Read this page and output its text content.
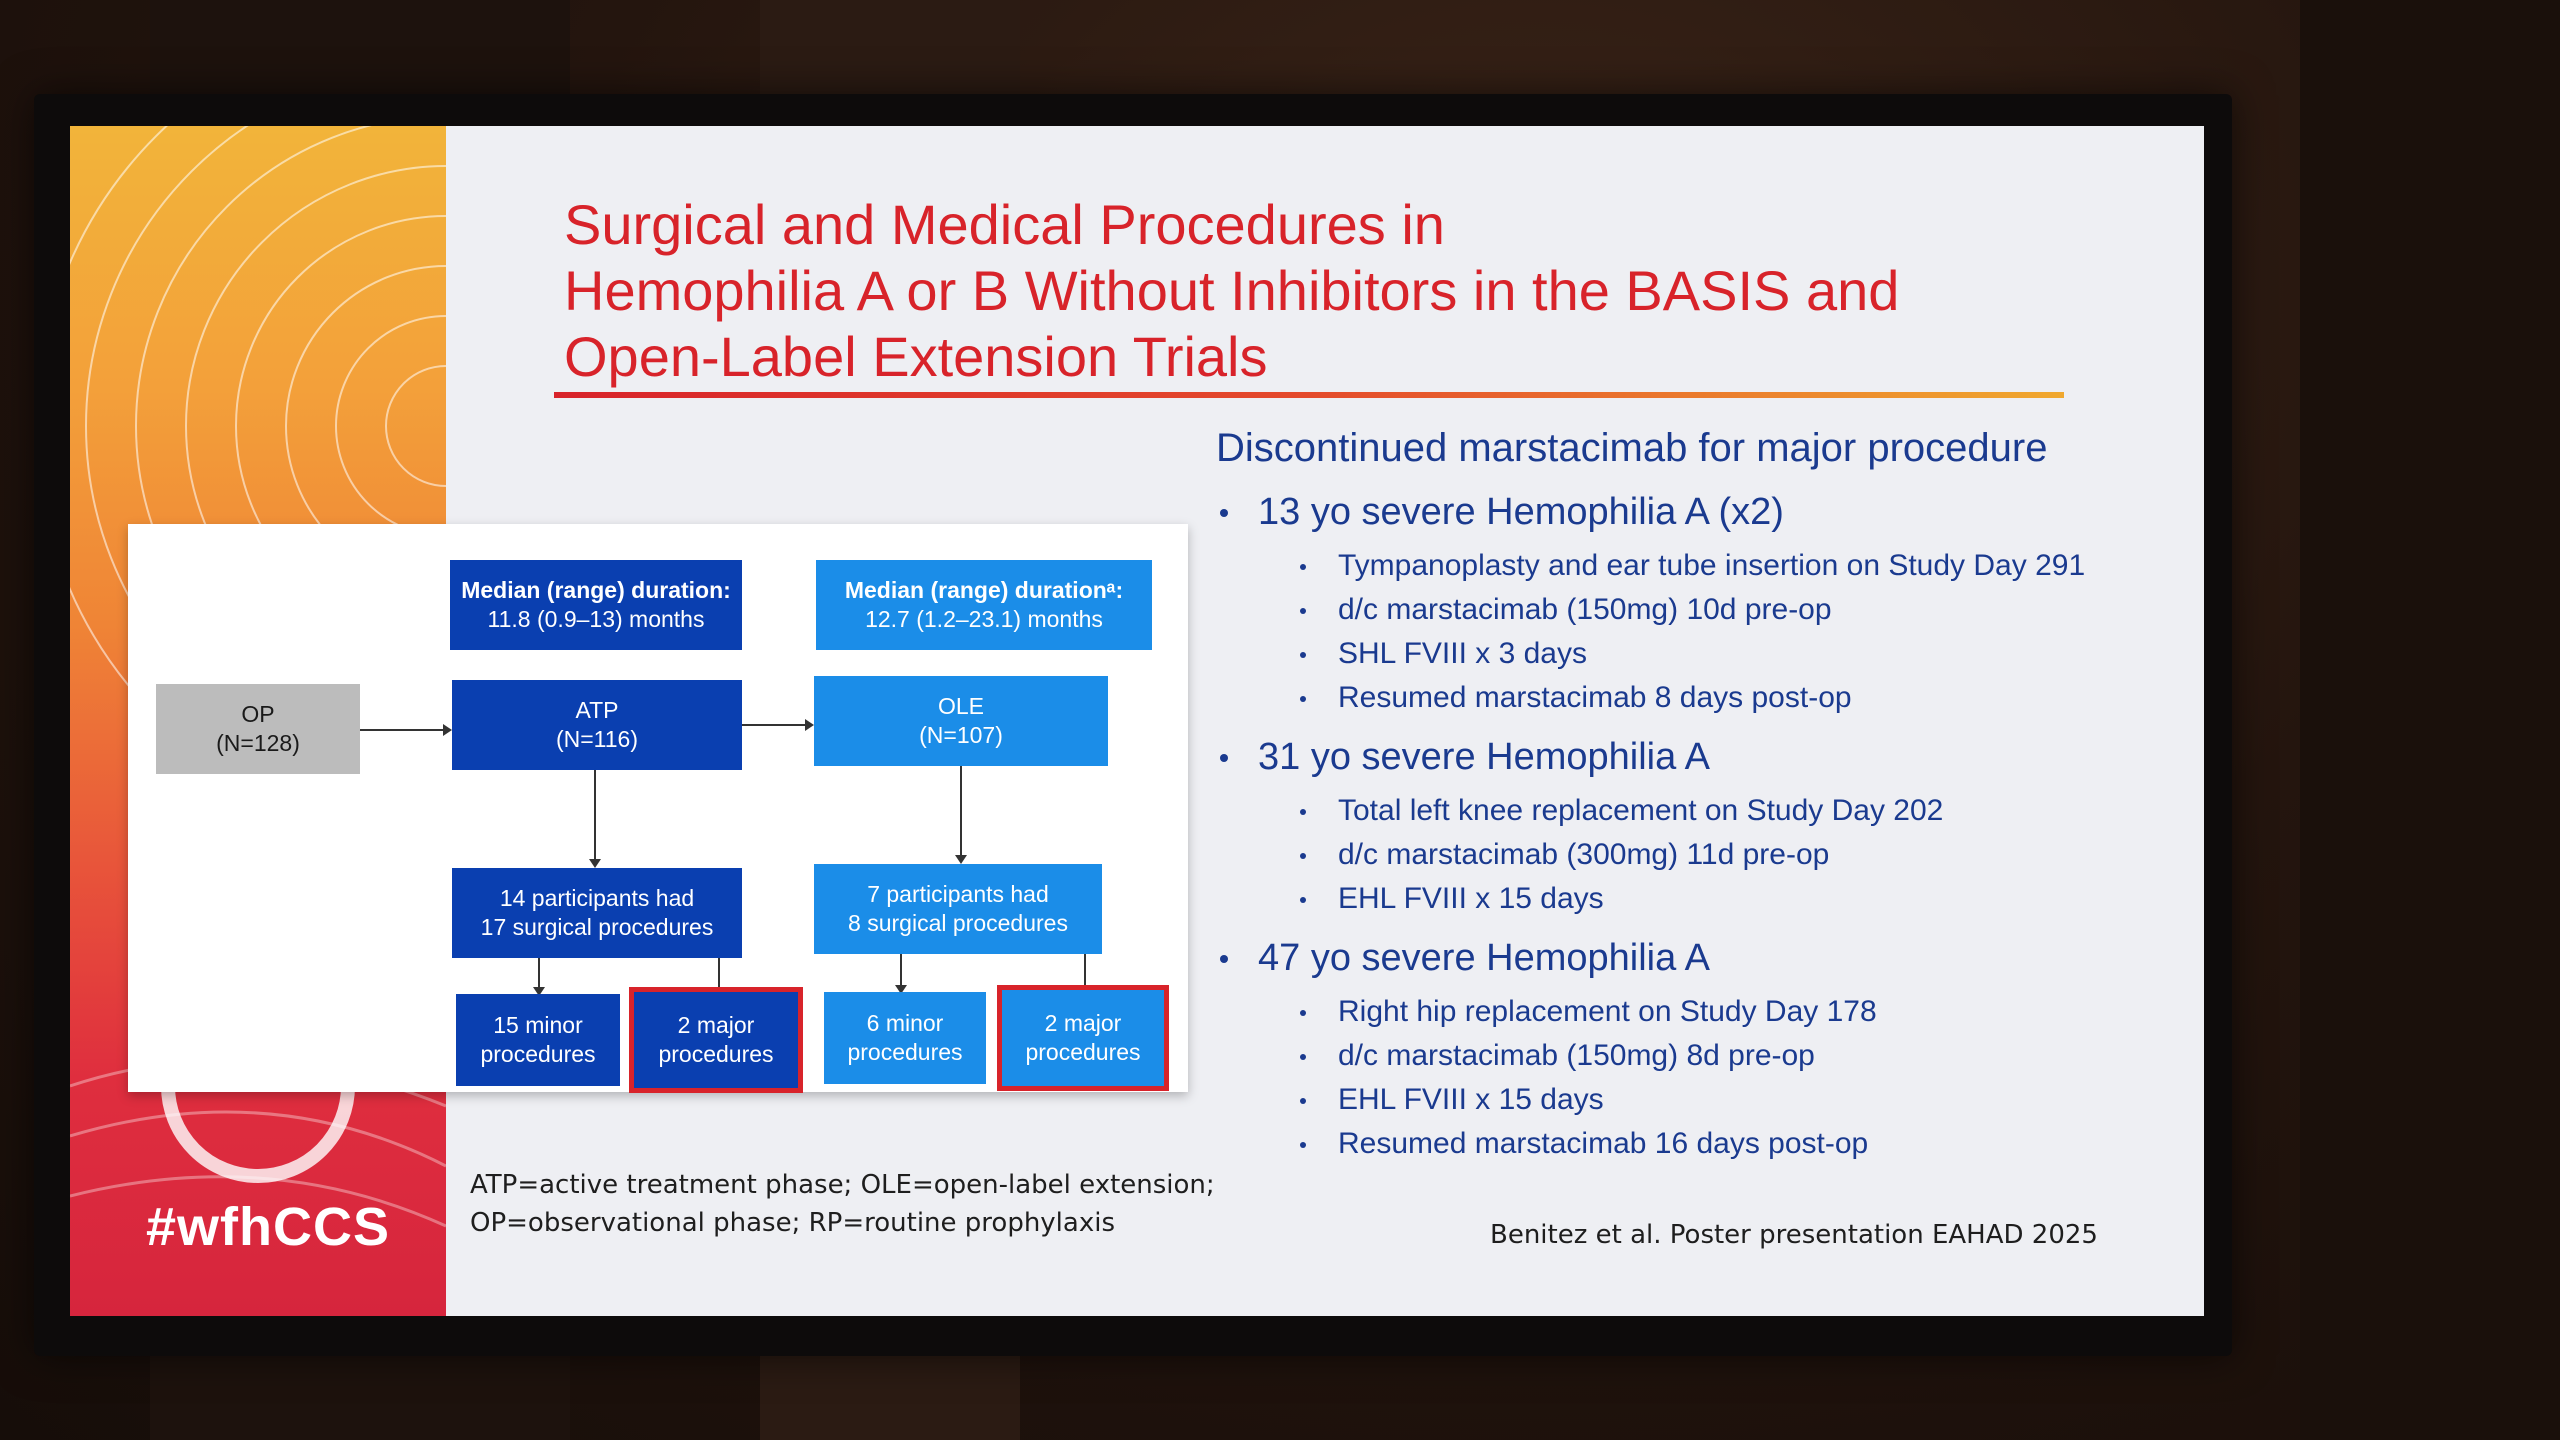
#wfhCCS
Surgical and Medical Procedures in
Hemophilia A or B Without Inhibitors in the BASIS and
Open-Label Extension Trials
Median (range) duration:
11.8 (0.9–13) months
Median (range) durationᵃ:
12.7 (1.2–23.1) months
OP
(N=128)
ATP
(N=116)
OLE
(N=107)
14 participants had
17 surgical procedures
7 participants had
8 surgical procedures
15 minor
procedures
2 major
procedures
6 minor
procedures
2 major
procedures
ATP=active treatment phase; OLE=open-label extension;
OP=observational phase; RP=routine prophylaxis	Benitez et al. Poster presentation EAHAD 2025
Discontinued marstacimab for major procedure
13 yo severe Hemophilia A (x2)
Tympanoplasty and ear tube insertion on Study Day 291
d/c marstacimab (150mg) 10d pre-op
SHL FVIII x 3 days
Resumed marstacimab 8 days post-op
31 yo severe Hemophilia A
Total left knee replacement on Study Day 202
d/c marstacimab (300mg) 11d pre-op
EHL FVIII x 15 days
47 yo severe Hemophilia A
Right hip replacement on Study Day 178
d/c marstacimab (150mg) 8d pre-op
EHL FVIII x 15 days
Resumed marstacimab 16 days post-op
